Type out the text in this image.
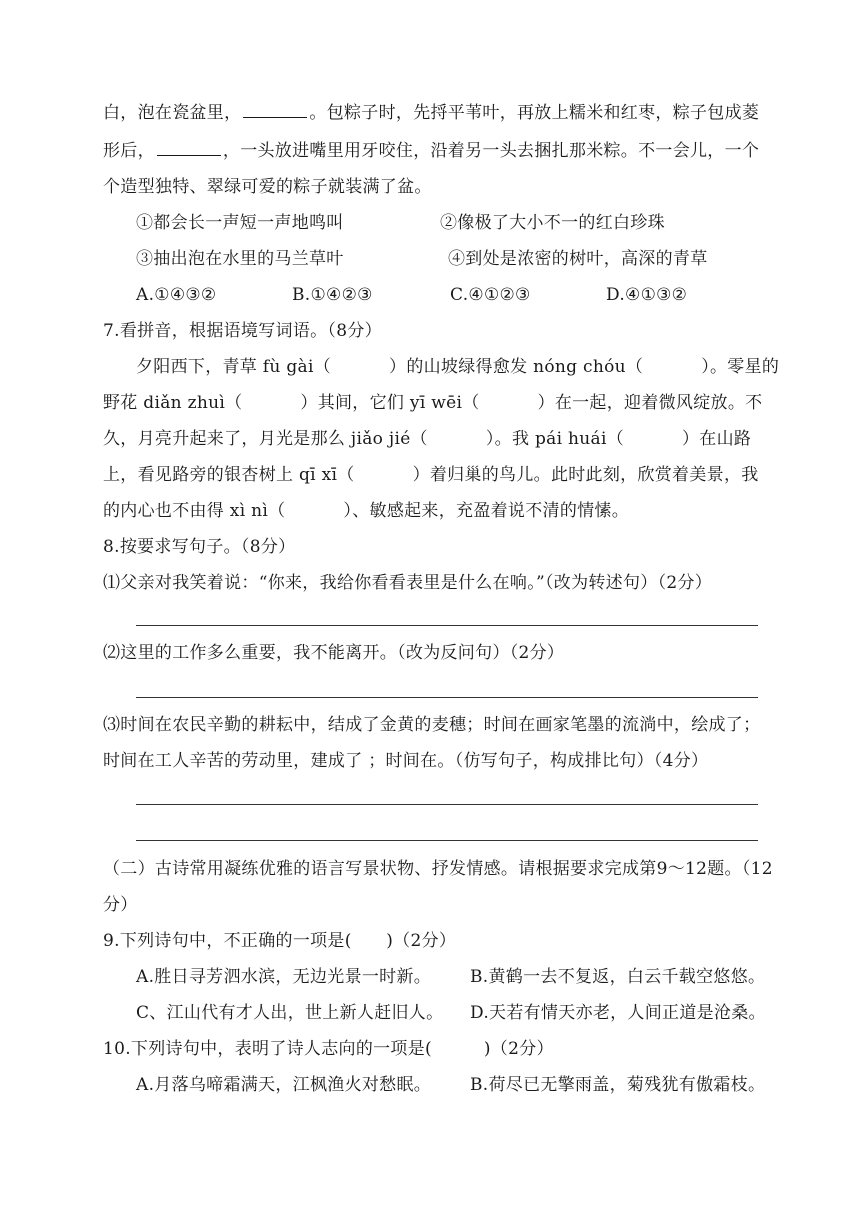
白，泡在瓷盆里，	。包粽子时，先捋平苇叶，再放上糯米和红枣，粽子包成菱
形后，	，一头放进嘴里用牙咬住，沿着另一头去捆扎那米粽。不一会儿，一个
个造型独特、翠绿可爱的粽子就装满了盆。
①都会长一声短一声地鸣叫	②像极了大小不一的红白珍珠
③抽出泡在水里的马兰草叶	④到处是浓密的树叶，高深的青草
A.①④③②	B.①④②③	C.④①②③	D.④①③②
7.看拼音，根据语境写词语。（8分）
夕阳西下，青草 fù gài（	）的山坡绿得愈发 nóng chóu（	）。零星的
野花 diǎn zhuì（	）其间，它们 yī wēi（	）在一起，迎着微风绽放。不
久，月亮升起来了，月光是那么 jiǎo jié（	）。我 pái huái（	）在山路
上，看见路旁的银杏树上 qī xī（	）着归巢的鸟儿。此时此刻，欣赏着美景，我
的内心也不由得 xì nì（	）、敏感起来，充盈着说不清的情愫。
8.按要求写句子。（8分）
⑴父亲对我笑着说：“你来，我给你看看表里是什么在响。”（改为转述句）（2分）
⑵这里的工作多么重要，我不能离开。（改为反问句）（2分）
⑶时间在农民辛勤的耕耘中，结成了金黄的麦穗；时间在画家笔墨的流淌中，绘成了；
时间在工人辛苦的劳动里，建成了 ；时间在。（仿写句子，构成排比句）（4分）
（二）古诗常用凝练优雅的语言写景状物、抒发情感。请根据要求完成第9～12题。（12
分）
9.下列诗句中，不正确的一项是(　　)（2分）
A.胜日寻芳泗水滨，无边光景一时新。 B.黄鹤一去不复返，白云千载空悠悠。
C、江山代有才人出，世上新人赶旧人。 D.天若有情天亦老，人间正道是沧桑。
10.下列诗句中，表明了诗人志向的一项是(　　　)（2分）
A.月落乌啼霜满天，江枫渔火对愁眠。 B.荷尽已无擎雨盖，菊残犹有傲霜枝。
